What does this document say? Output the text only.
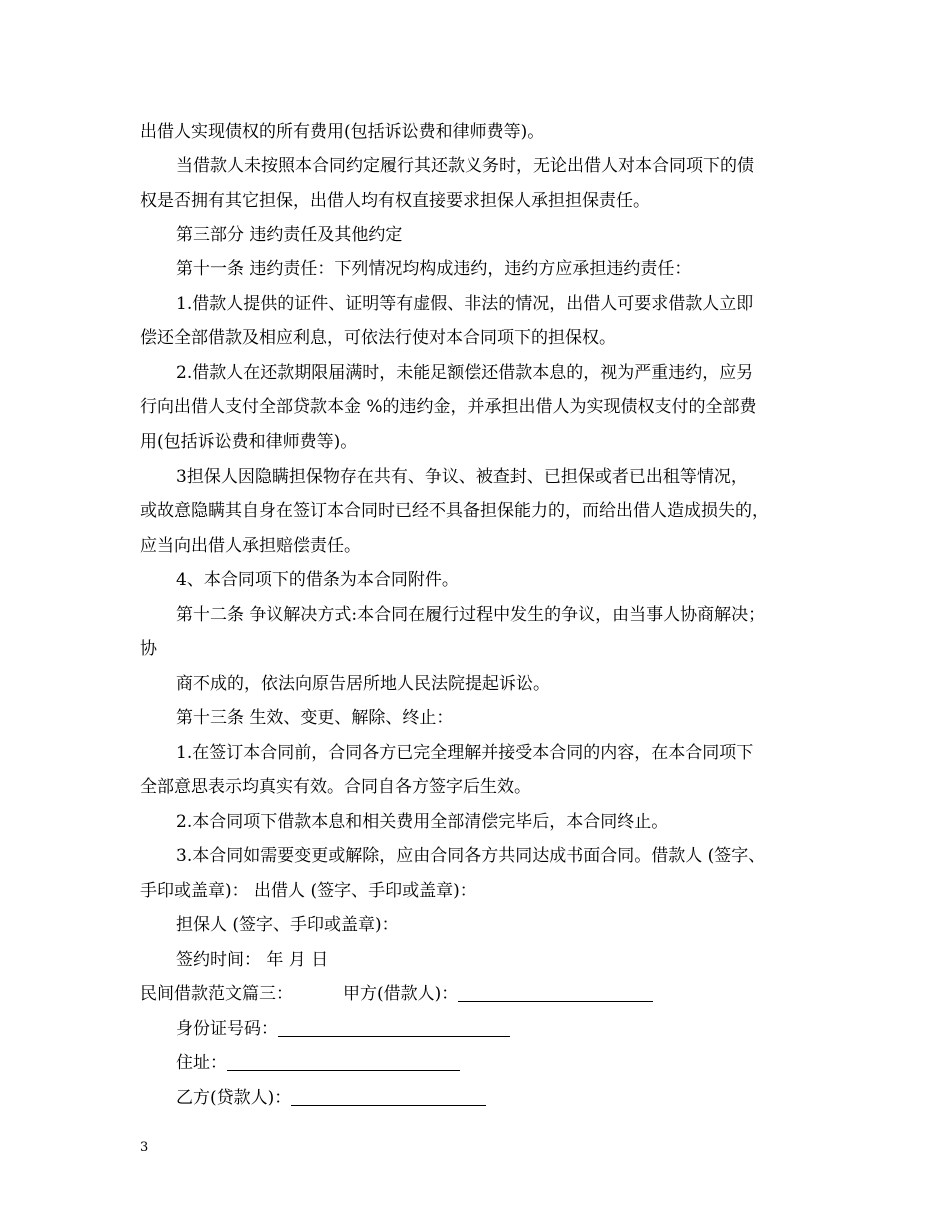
出借人实现债权的所有费用(包括诉讼费和律师费等)。
当借款人未按照本合同约定履行其还款义务时，无论出借人对本合同项下的债
权是否拥有其它担保，出借人均有权直接要求担保人承担担保责任。
第三部分 违约责任及其他约定
第十一条 违约责任：下列情况均构成违约，违约方应承担违约责任：
1.借款人提供的证件、证明等有虚假、非法的情况，出借人可要求借款人立即
偿还全部借款及相应利息，可依法行使对本合同项下的担保权。
2.借款人在还款期限届满时，未能足额偿还借款本息的，视为严重违约，应另
行向出借人支付全部贷款本金 %的违约金，并承担出借人为实现债权支付的全部费
用(包括诉讼费和律师费等)。
3担保人因隐瞒担保物存在共有、争议、被查封、已担保或者已出租等情况，
或故意隐瞒其自身在签订本合同时已经不具备担保能力的，而给出借人造成损失的，
应当向出借人承担赔偿责任。
4、本合同项下的借条为本合同附件。
第十二条 争议解决方式:本合同在履行过程中发生的争议，由当事人协商解决；
协
商不成的，依法向原告居所地人民法院提起诉讼。
第十三条 生效、变更、解除、终止：
1.在签订本合同前，合同各方已完全理解并接受本合同的内容，在本合同项下
全部意思表示均真实有效。合同自各方签字后生效。
2.本合同项下借款本息和相关费用全部清偿完毕后，本合同终止。
3.本合同如需要变更或解除，应由合同各方共同达成书面合同。借款人 (签字、
手印或盖章)： 出借人 (签字、手印或盖章)：
担保人 (签字、手印或盖章)：
签约时间： 年 月 日
民间借款范文篇三：	甲方(借款人)：
身份证号码：
住址：
乙方(贷款人)：
3
